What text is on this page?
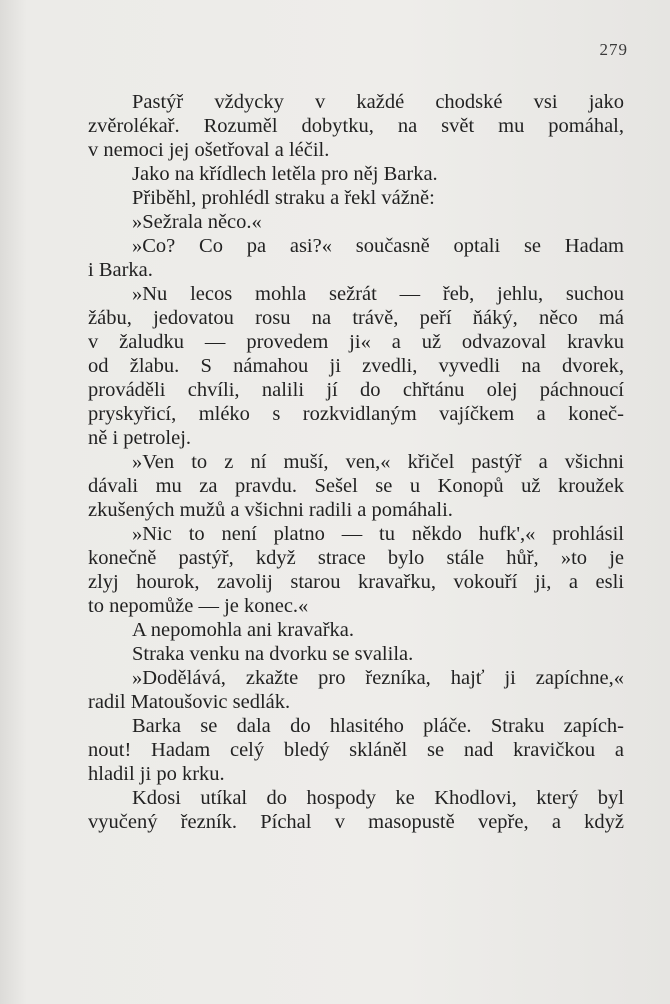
279
Pastýř vždycky v každé chodské vsi jako
zvěrolékař. Rozuměl dobytku, na svět mu pomáhal,
v nemoci jej ošetřoval a léčil.
Jako na křídlech letěla pro něj Barka.
Přiběhl, prohlédl straku a řekl vážně:
»Sežrala něco.«
»Co? Co pa asi?« současně optali se Hadam
i Barka.
»Nu lecos mohla sežrát — řeb, jehlu, suchou
žábu, jedovatou rosu na trávě, peří ňáký, něco má
v žaludku — provedem ji« a už odvazoval kravku
od žlabu. S námahou ji zvedli, vyvedli na dvorek,
prováděli chvíli, nalili jí do chřtánu olej páchnoucí
pryskyřicí, mléko s rozkvidlaným vajíčkem a koneč-
ně i petrolej.
»Ven to z ní muší, ven,« křičel pastýř a všichni
dávali mu za pravdu. Sešel se u Konopů už kroužek
zkušených mužů a všichni radili a pomáhali.
»Nic to není platno — tu někdo hufk',« prohlásil
konečně pastýř, když strace bylo stále hůř, »to je
zlyj hourok, zavolij starou kravařku, vokouří ji, a esli
to nepomůže — je konec.«
A nepomohla ani kravařka.
Straka venku na dvorku se svalila.
»Dodělává, zkažte pro řezníka, hajť ji zapíchne,«
radil Matoušovic sedlák.
Barka se dala do hlasitého pláče. Straku zapích-
nout! Hadam celý bledý skláněl se nad kravičkou a
hladil ji po krku.
Kdosi utíkal do hospody ke Khodlovi, který byl
vyučený řezník. Píchal v masopustě vepře, a když
